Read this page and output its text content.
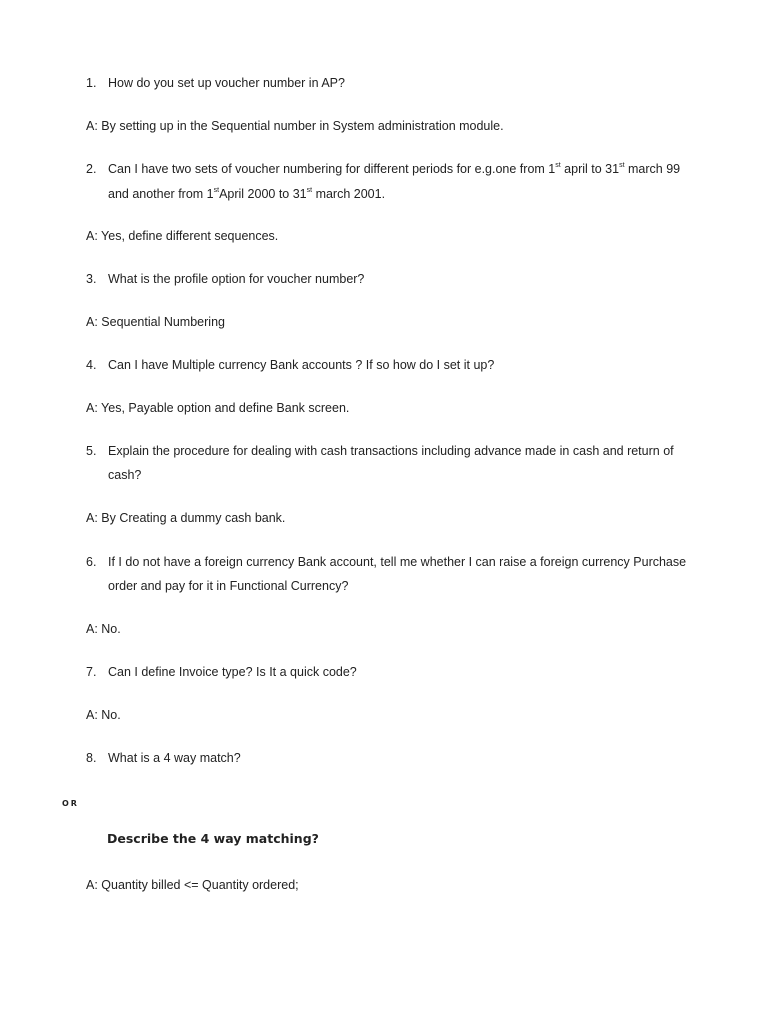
1. How do you set up voucher number in AP?
A: By setting up in the Sequential number in System administration module.
2. Can I have two sets of voucher numbering for different periods for e.g.one from 1st april to 31st march 99
and another from 1stApril 2000 to 31st march 2001.
A: Yes, define different sequences.
3. What is the profile option for voucher number?
A: Sequential Numbering
4. Can I have Multiple currency Bank accounts ? If so how do I set it up?
A: Yes, Payable option and define Bank screen.
5. Explain the procedure for dealing with cash transactions including advance made in cash and return of
cash?
A: By Creating a dummy cash bank.
6. If I do not have a foreign currency Bank account, tell me whether I can raise a foreign currency Purchase
order and pay for it in Functional Currency?
A: No.
7. Can I define Invoice type? Is It a quick code?
A: No.
8. What is a 4 way match?
OR
Describe the 4 way matching?
A: Quantity billed <= Quantity ordered;
